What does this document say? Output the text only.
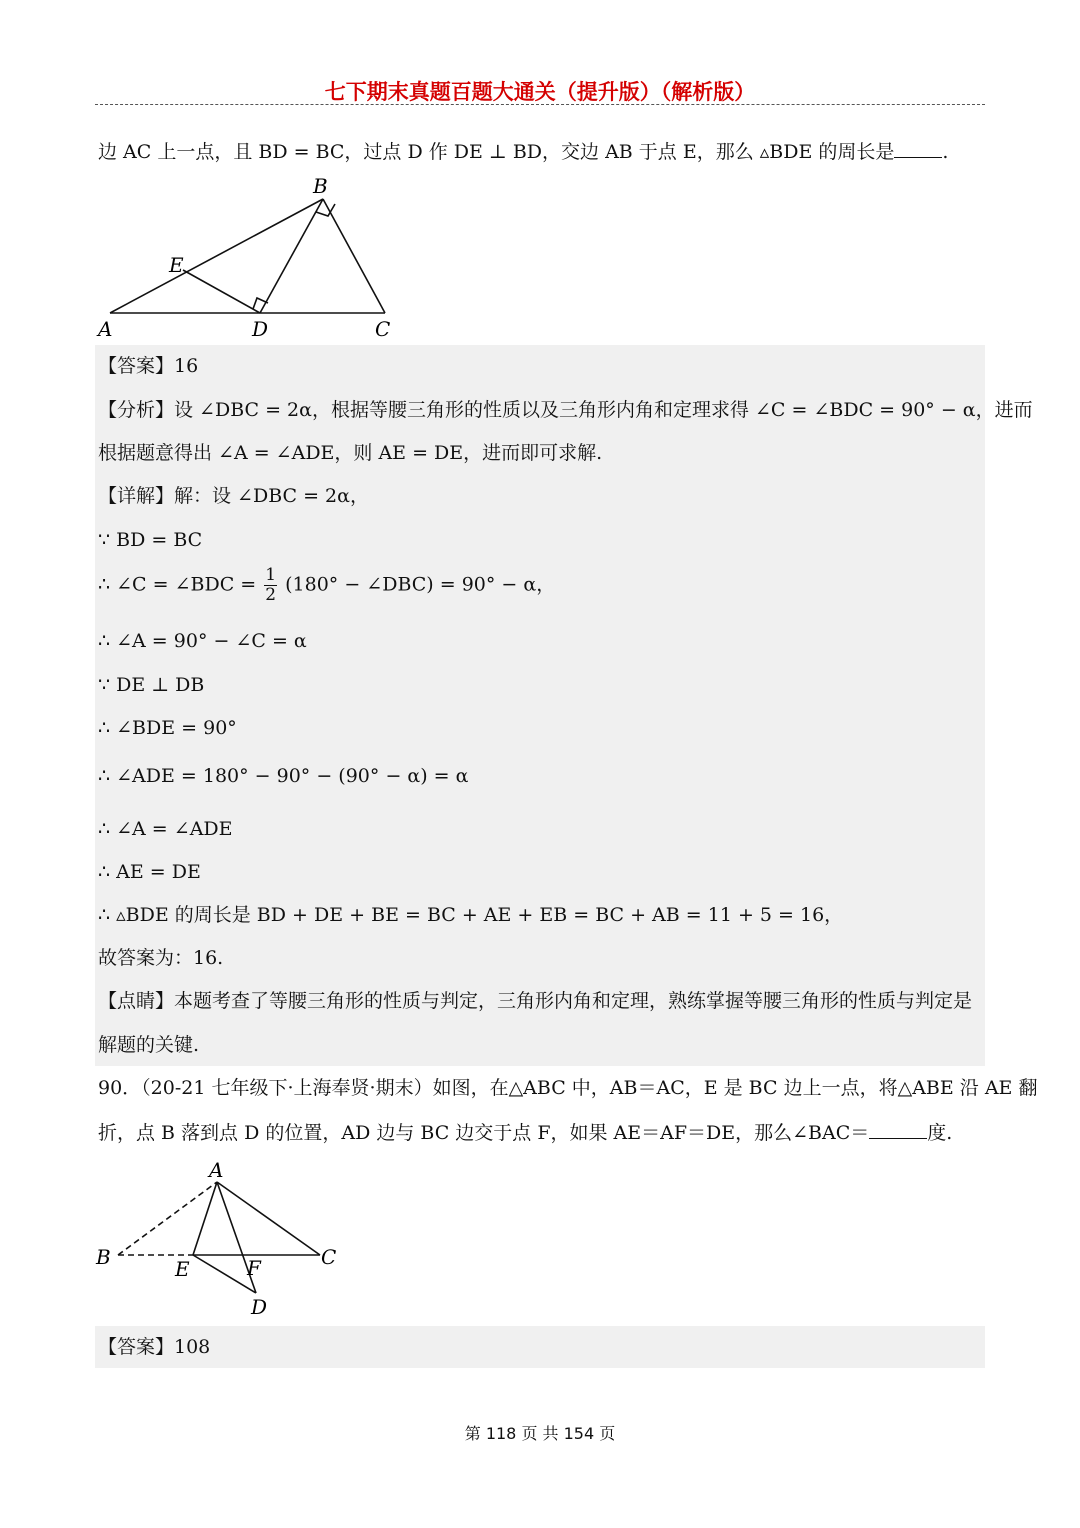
七下期末真题百题大通关（提升版）（解析版）
边 AC 上一点，且 BD = BC，过点 D 作 DE ⊥ BD，交边 AB 于点 E，那么 ▵BDE 的周长是	.
A
B
C
D
E
【答案】16
【分析】设 ∠DBC = 2α，根据等腰三角形的性质以及三角形内角和定理求得 ∠C = ∠BDC = 90° − α，进而
根据题意得出 ∠A = ∠ADE，则 AE = DE，进而即可求解.
【详解】解：设 ∠DBC = 2α，
∵ BD = BC
∴ ∠C = ∠BDC = $\frac{1}{2} (180^\circ$ − ∠DBC) = 90° − α，
∴ ∠A = 90° − ∠C = α
∵ DE ⊥ DB
∴ ∠BDE = 90°
∴ ∠ADE = 180° − 90° − (90° − α) = α
∴ ∠A = ∠ADE
∴ AE = DE
∴ ▵BDE 的周长是 BD + DE + BE = BC + AE + EB = BC + AB = 11 + 5 = 16，
故答案为：16.
【点睛】本题考查了等腰三角形的性质与判定，三角形内角和定理，熟练掌握等腰三角形的性质与判定是
解题的关键.
90．（20-21 七年级下·上海奉贤·期末）如图，在△ABC 中，AB＝AC，E 是 BC 边上一点，将△ABE 沿 AE 翻
折，点 B 落到点 D 的位置，AD 边与 BC 边交于点 F，如果 AE＝AF＝DE，那么∠BAC＝	度.
A
B	C
D
E	F
【答案】108
第 118 页 共 154 页
